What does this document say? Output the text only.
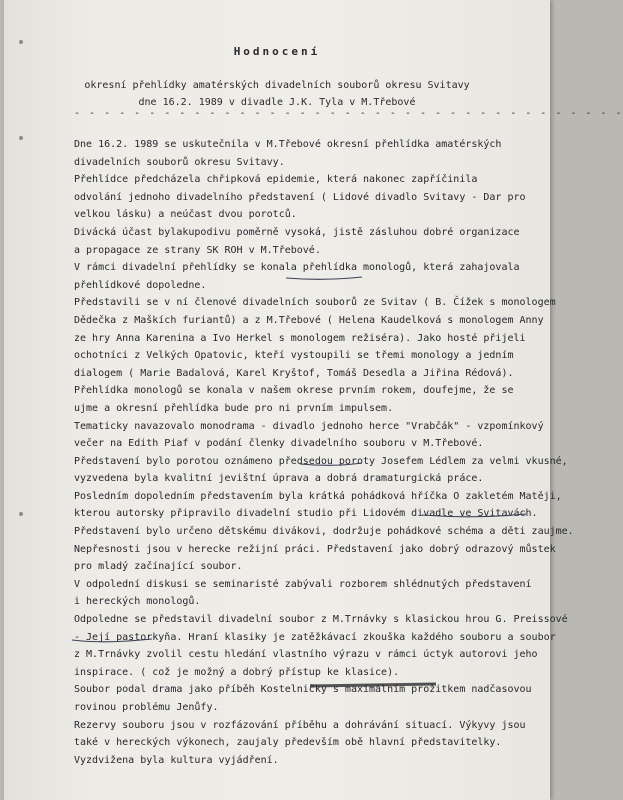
Hodnocení
okresní přehlídky amatérských divadelních souborů okresu Svitavy
dne 16.2. 1989 v divadle J.K. Tyla v M.Třebové
- - - - - - - - - - - - - - - - - - - - - - - - - - - - - - - - - - - - -
Dne 16.2. 1989 se uskutečnila v M.Třebové okresní přehlídka amatérských
divadelních souborů okresu Svitavy.
Přehlídce předcházela chřipková epidemie, která nakonec zapříčinila
odvolání jednoho divadelního představení ( Lidové divadlo Svitavy - Dar pro
velkou lásku) a neúčast dvou porotců.
Divácká účast bylakupodivu poměrně vysoká, jistě zásluhou dobré organizace
a propagace ze strany SK ROH v M.Třebové.
V rámci divadelní přehlídky se konala přehlídka monologů, která zahajovala
přehlídkové dopoledne.
Představili se v ní členové divadelních souborů ze Svitav ( B. Čížek s monologem
Dědečka z Maškích furiantů) a z M.Třebové ( Helena Kaudelková s monologem Anny
ze hry Anna Karenina a Ivo Herkel s monologem režiséra). Jako hosté přijeli
ochotníci z Velkých Opatovic, kteří vystoupili se třemi monology a jedním
dialogem ( Marie Badalová, Karel Kryštof, Tomáš Desedla a Jiřina Rédová).
Přehlídka monologů se konala v našem okrese prvním rokem, doufejme, že se
ujme a okresní přehlídka bude pro ni prvním impulsem.
Tematicky navazovalo monodrama - divadlo jednoho herce "Vrabčák" - vzpomínkový
večer na Edith Piaf v podání členky divadelního souboru v M.Třebové.
Představení bylo porotou oznámeno předsedou poroty Josefem Lédlem za velmi vkusné,
vyzvedena byla kvalitní jevištní úprava a dobrá dramaturgická práce.
Posledním dopoledním představením byla krátká pohádková hříčka O zakletém Matěji,
kterou autorsky připravilo divadelní studio při Lidovém divadle ve Svitavách.
Představení bylo určeno dětskému divákovi, dodržuje pohádkové schéma a děti zaujme.
Nepřesnosti jsou v herecke režijní práci. Představení jako dobrý odrazový můstek
pro mladý začínající soubor.
V odpolední diskusi se seminaristé zabývali rozborem shlédnutých představení
i hereckých monologů.
Odpoledne se představil divadelní soubor z M.Trnávky s klasickou hrou G. Preissové
- Její pastorkyňa. Hraní klasiky je zatěžkávací zkouška každého souboru a soubor
z M.Trnávky zvolil cestu hledání vlastního výrazu v rámci úctyk autorovi jeho
inspirace. ( což je možný a dobrý přístup ke klasice).
Soubor podal drama jako příběh Kostelničky s maximálním prožitkem nadčasovou
rovinou problému Jenůfy.
Rezervy souboru jsou v rozfázování příběhu a dohrávání situací. Výkyvy jsou
také v hereckých výkonech, zaujaly především obě hlavní představitelky.
Vyzdvižena byla kultura vyjádření.
